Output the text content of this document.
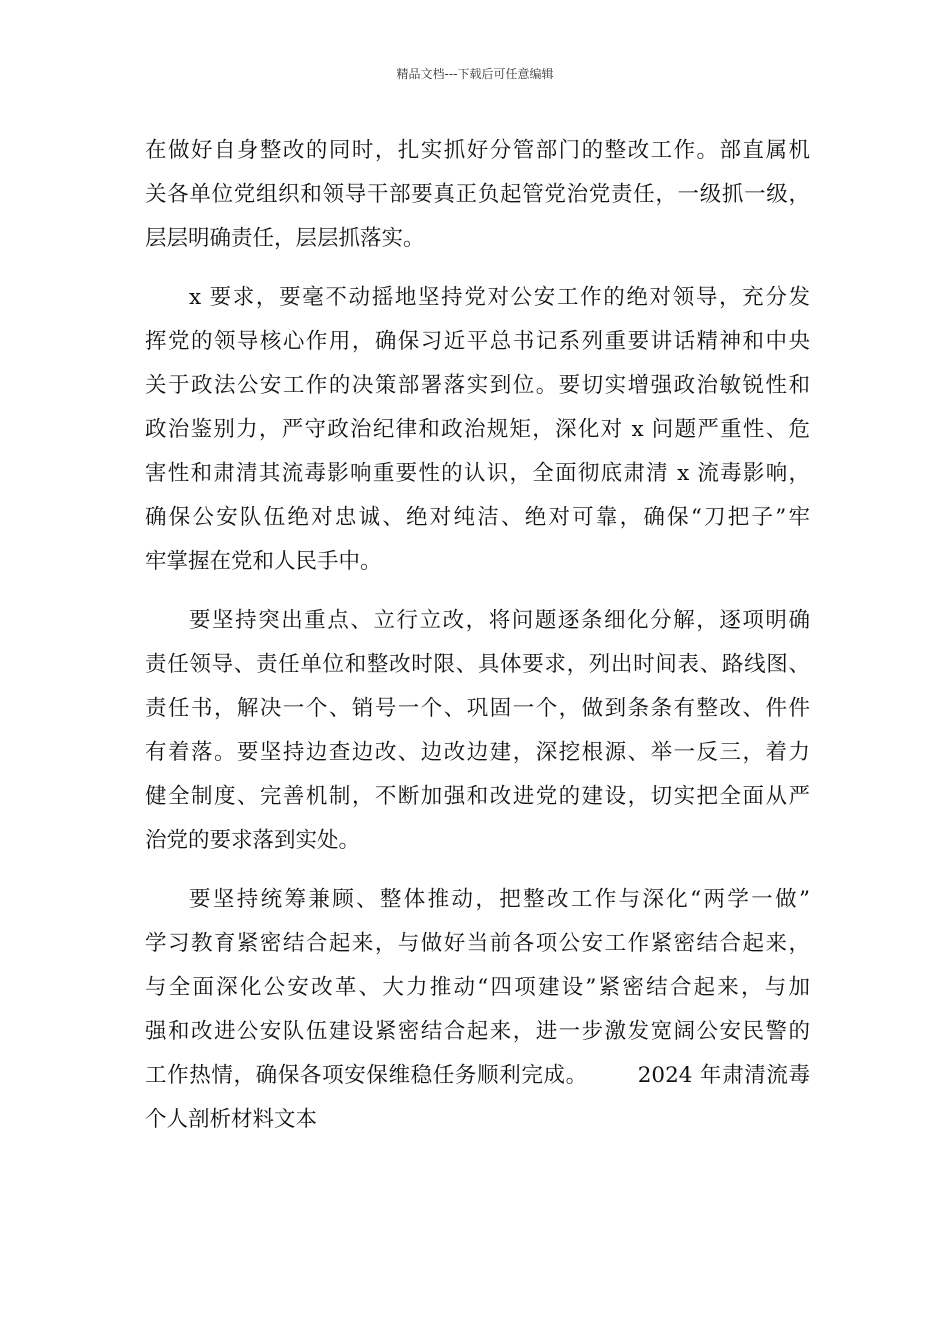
精品文档---下载后可任意编辑
在做好自身整改的同时，扎实抓好分管部门的整改工作。部直属机
关各单位党组织和领导干部要真正负起管党治党责任，一级抓一级，
层层明确责任，层层抓落实。
x 要求，要毫不动摇地坚持党对公安工作的绝对领导，充分发
挥党的领导核心作用，确保习近平总书记系列重要讲话精神和中央
关于政法公安工作的决策部署落实到位。要切实增强政治敏锐性和
政治鉴别力，严守政治纪律和政治规矩，深化对 x 问题严重性、危
害性和肃清其流毒影响重要性的认识，全面彻底肃清 x 流毒影响，
确保公安队伍绝对忠诚、绝对纯洁、绝对可靠，确保“刀把子”牢
牢掌握在党和人民手中。
要坚持突出重点、立行立改，将问题逐条细化分解，逐项明确
责任领导、责任单位和整改时限、具体要求，列出时间表、路线图、
责任书，解决一个、销号一个、巩固一个，做到条条有整改、件件
有着落。要坚持边查边改、边改边建，深挖根源、举一反三，着力
健全制度、完善机制，不断加强和改进党的建设，切实把全面从严
治党的要求落到实处。
要坚持统筹兼顾、整体推动，把整改工作与深化“两学一做”
学习教育紧密结合起来，与做好当前各项公安工作紧密结合起来，
与全面深化公安改革、大力推动“四项建设”紧密结合起来，与加
强和改进公安队伍建设紧密结合起来，进一步激发宽阔公安民警的
工作热情，确保各项安保维稳任务顺利完成。 2024 年肃清流毒
个人剖析材料文本
